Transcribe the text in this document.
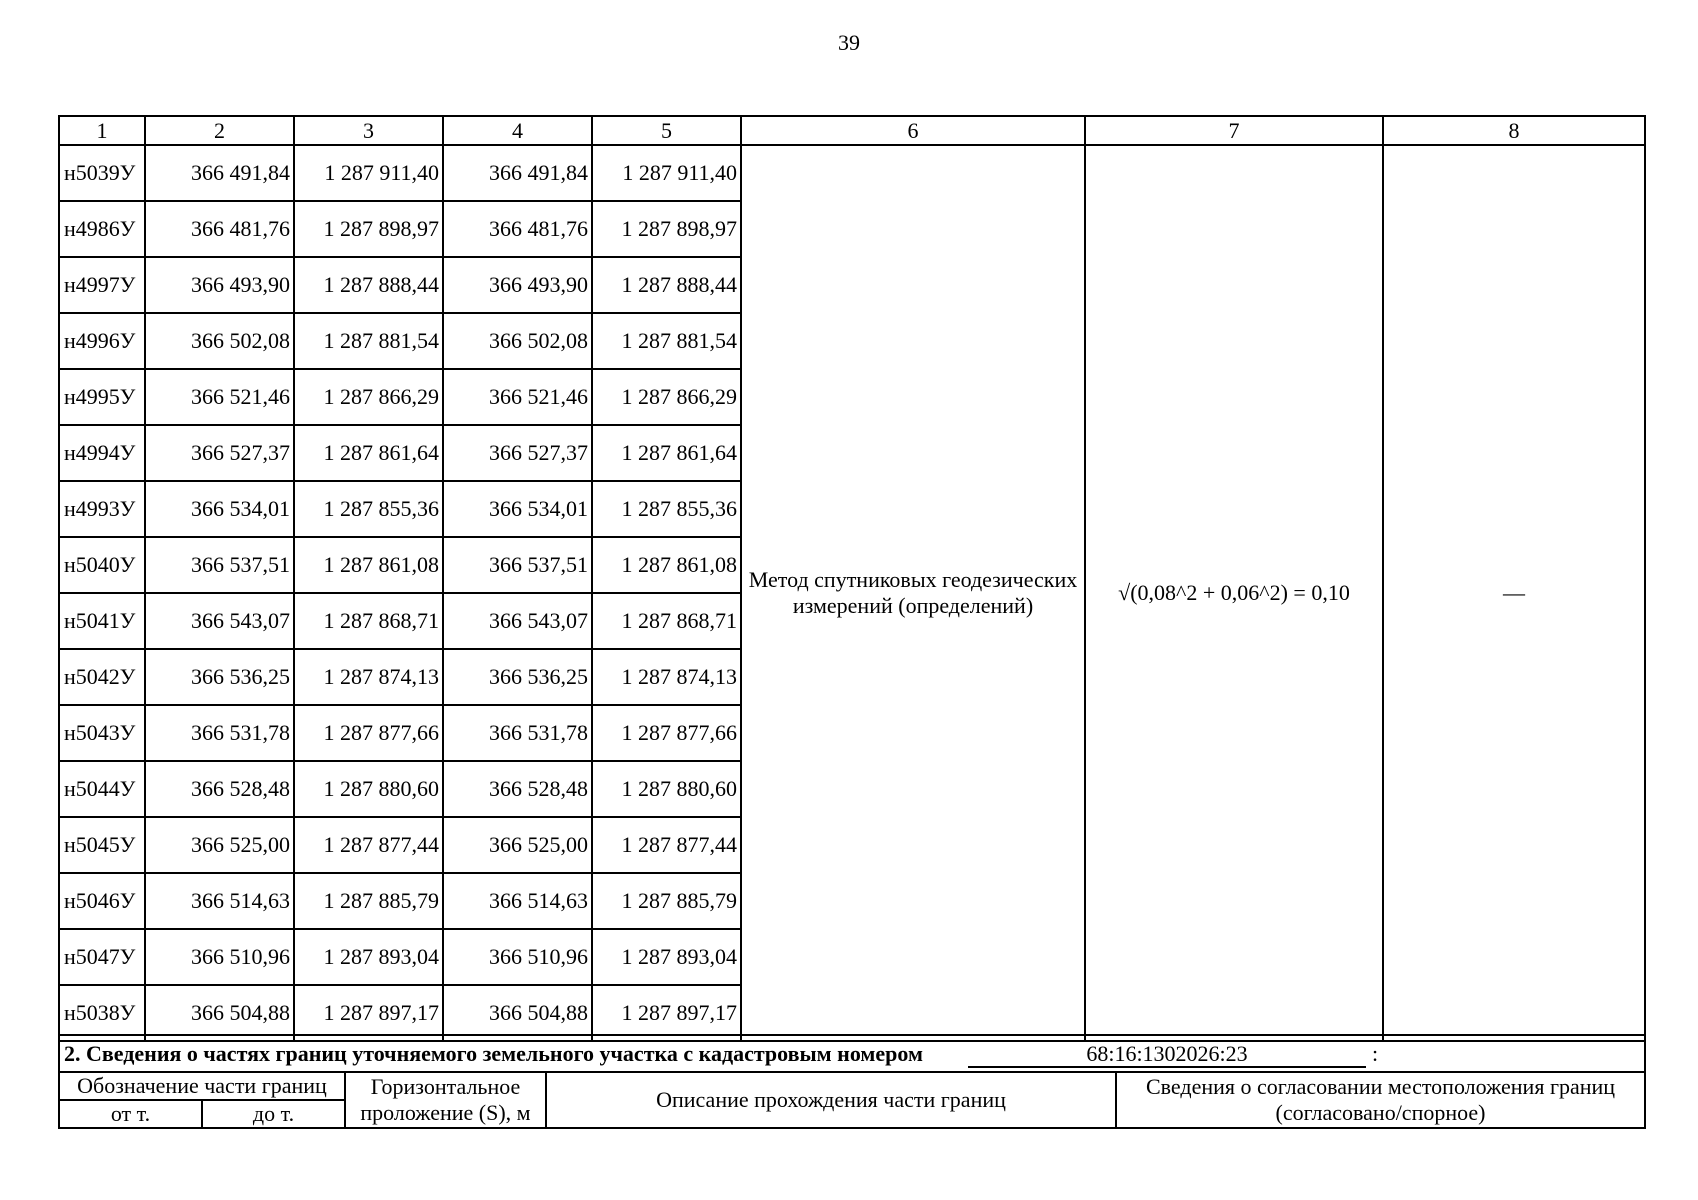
39
1	2	3	4	5	6	7	8
н5039У	366 491,84	1 287 911,40	366 491,84	1 287 911,40	Метод спутниковых геодезических измерений (определений)	√(0,08^2 + 0,06^2) = 0,10	—
н4986У	366 481,76	1 287 898,97	366 481,76	1 287 898,97			
н4997У	366 493,90	1 287 888,44	366 493,90	1 287 888,44			
н4996У	366 502,08	1 287 881,54	366 502,08	1 287 881,54			
н4995У	366 521,46	1 287 866,29	366 521,46	1 287 866,29			
н4994У	366 527,37	1 287 861,64	366 527,37	1 287 861,64			
н4993У	366 534,01	1 287 855,36	366 534,01	1 287 855,36			
н5040У	366 537,51	1 287 861,08	366 537,51	1 287 861,08			
н5041У	366 543,07	1 287 868,71	366 543,07	1 287 868,71			
н5042У	366 536,25	1 287 874,13	366 536,25	1 287 874,13			
н5043У	366 531,78	1 287 877,66	366 531,78	1 287 877,66			
н5044У	366 528,48	1 287 880,60	366 528,48	1 287 880,60			
н5045У	366 525,00	1 287 877,44	366 525,00	1 287 877,44			
н5046У	366 514,63	1 287 885,79	366 514,63	1 287 885,79			
н5047У	366 510,96	1 287 893,04	366 510,96	1 287 893,04			
н5038У	366 504,88	1 287 897,17	366 504,88	1 287 897,17			
2. Сведения о частях границ уточняемого земельного участка с кадастровым номером 68:16:1302026:23 :				

Обозначение части границ		Горизонтальное проложение (S), м	Описание прохождения части границ	Сведения о согласовании местоположения границ (согласовано/спорное)
от т.	до т.			
